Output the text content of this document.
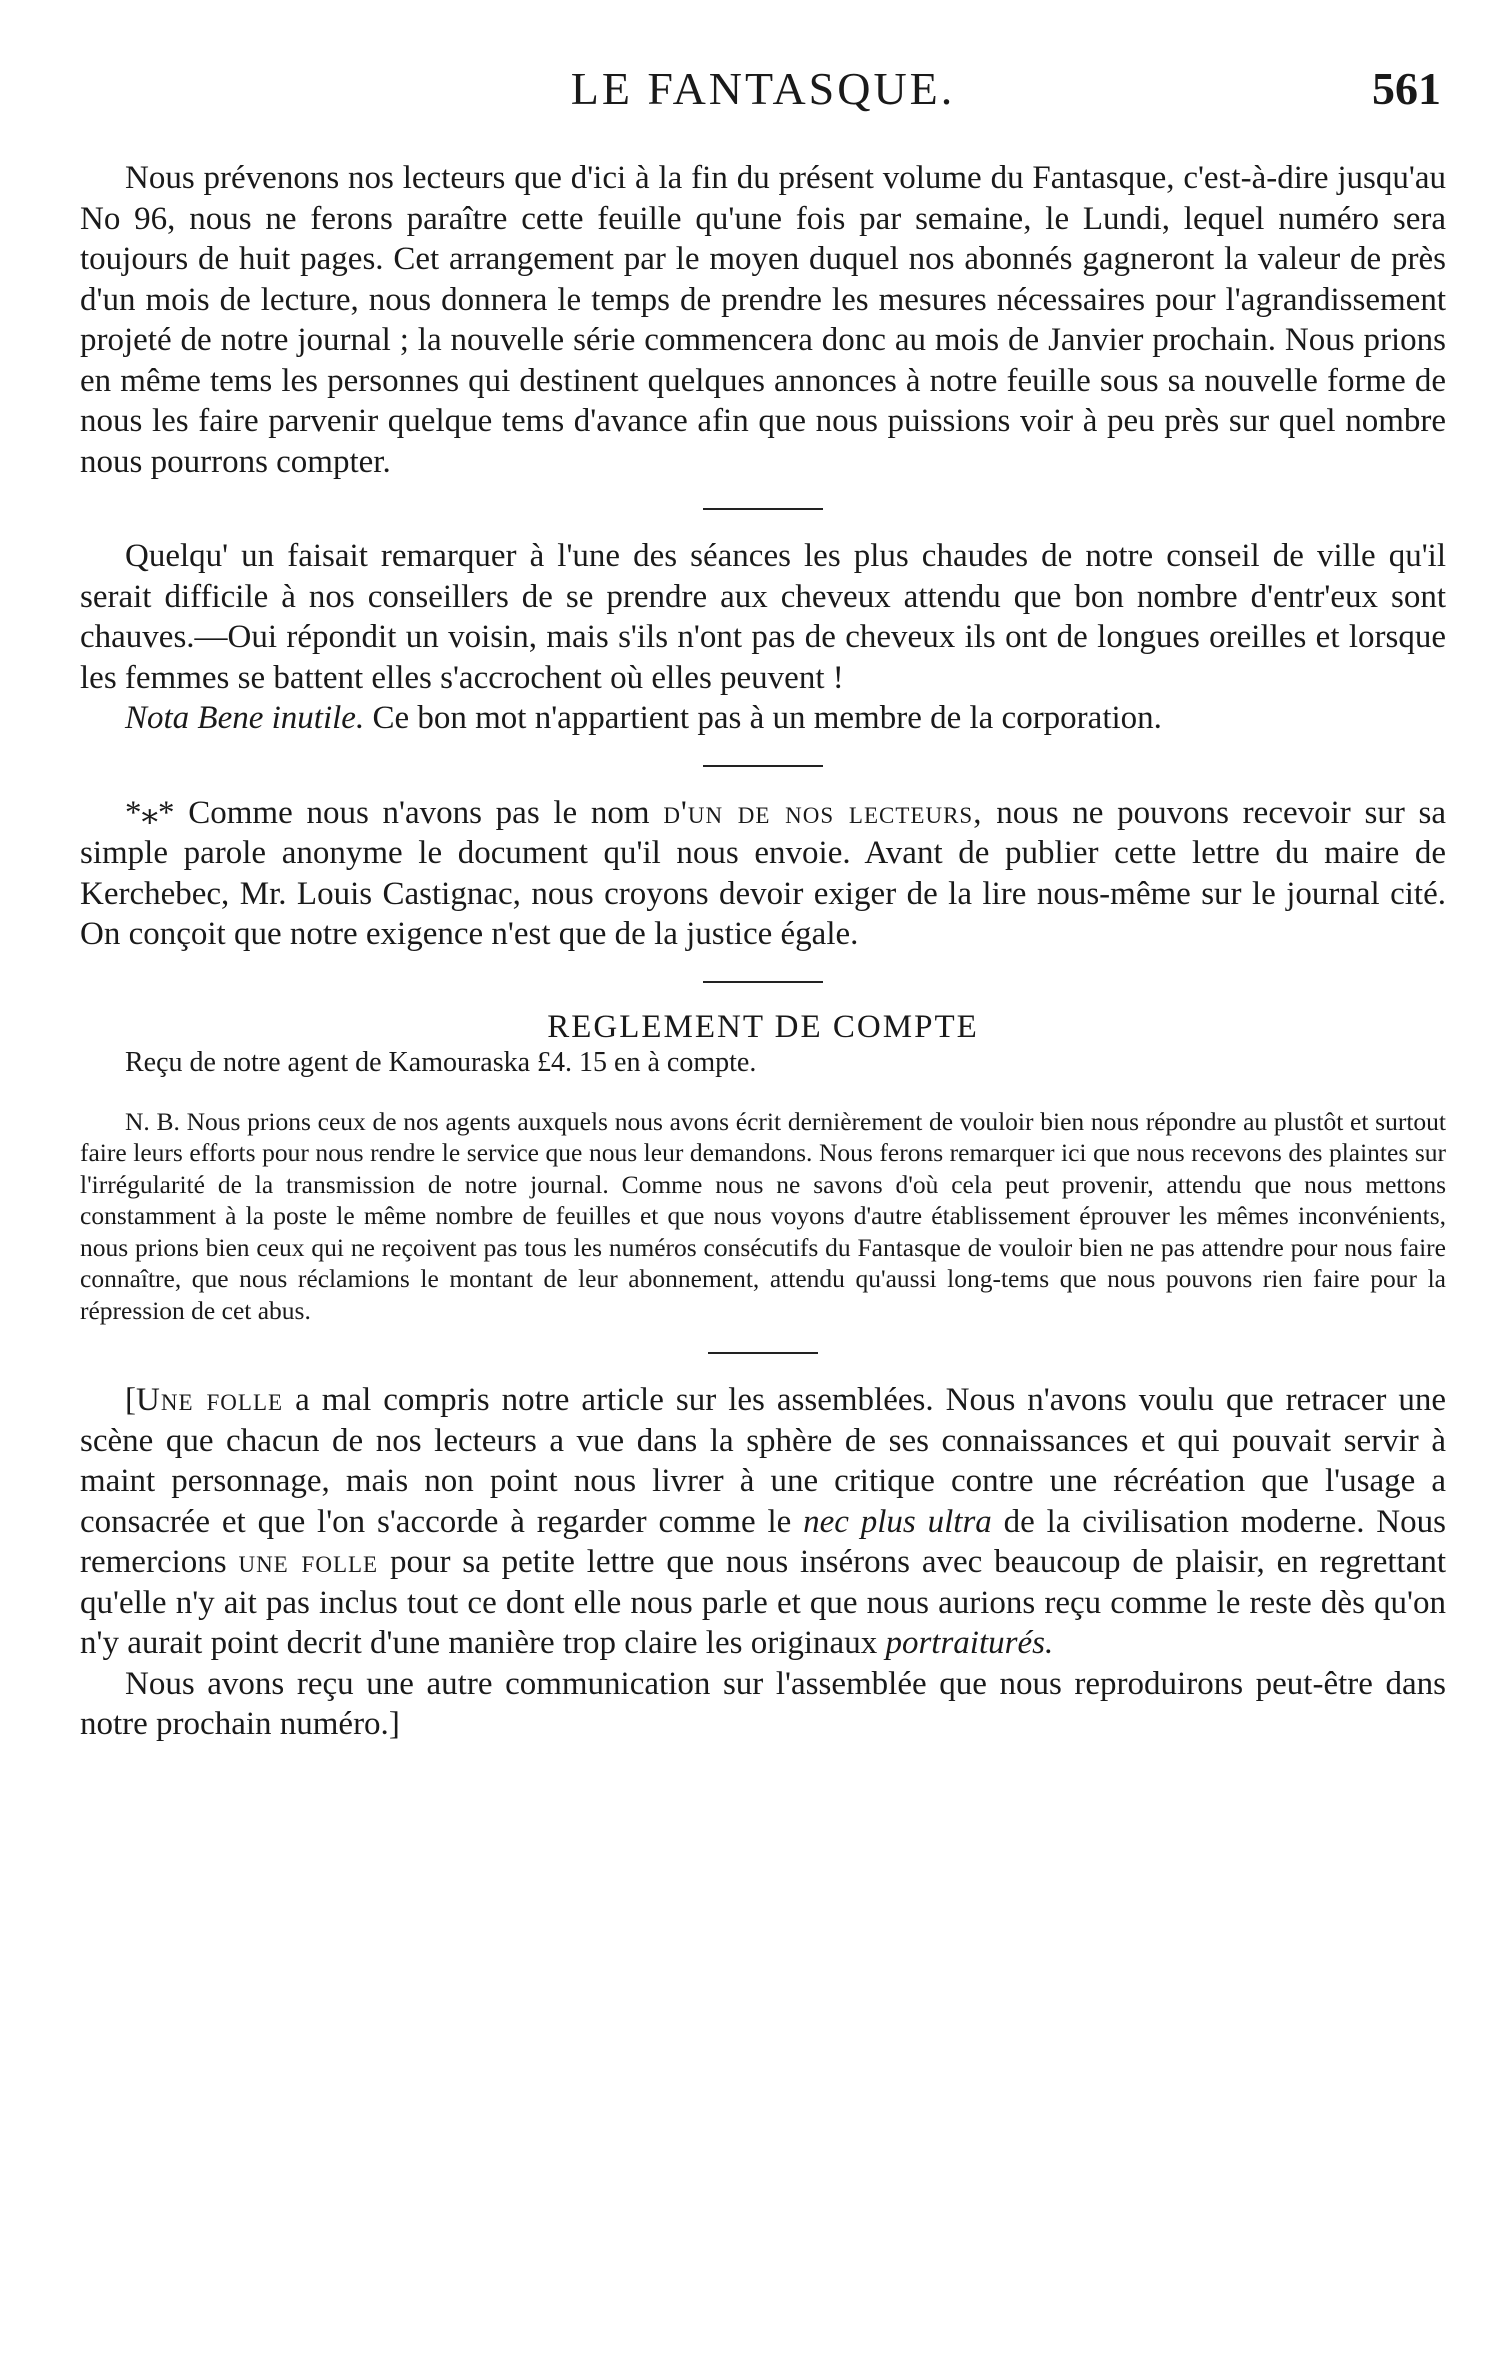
LE FANTASQUE.	561

Nous prévenons nos lecteurs que d'ici à la fin du présent volume du Fantasque, c'est-à-dire jusqu'au No 96, nous ne ferons paraître cette feuille qu'une fois par semaine, le Lundi, lequel numéro sera toujours de huit pages. Cet arrangement par le moyen duquel nos abonnés gagneront la valeur de près d'un mois de lecture, nous donnera le temps de prendre les mesures nécessaires pour l'agrandissement projeté de notre journal ; la nouvelle série commencera donc au mois de Janvier prochain. Nous prions en même tems les personnes qui destinent quelques annonces à notre feuille sous sa nouvelle forme de nous les faire parvenir quelque tems d'avance afin que nous puissions voir à peu près sur quel nombre nous pourrons compter.

Quelqu' un faisait remarquer à l'une des séances les plus chaudes de notre conseil de ville qu'il serait difficile à nos conseillers de se prendre aux cheveux attendu que bon nombre d'entr'eux sont chauves.—Oui répondit un voisin, mais s'ils n'ont pas de cheveux ils ont de longues oreilles et lorsque les femmes se battent elles s'accrochent où elles peuvent !

Nota Bene inutile. Ce bon mot n'appartient pas à un membre de la corporation.

*⁎* Comme nous n'avons pas le nom d'un de nos lecteurs, nous ne pouvons recevoir sur sa simple parole anonyme le document qu'il nous envoie. Avant de publier cette lettre du maire de Kerchebec, Mr. Louis Castignac, nous croyons devoir exiger de la lire nous-même sur le journal cité. On conçoit que notre exigence n'est que de la justice égale.

REGLEMENT DE COMPTE
Reçu de notre agent de Kamouraska £4. 15 en à compte.

N. B. Nous prions ceux de nos agents auxquels nous avons écrit dernièrement de vouloir bien nous répondre au plustôt et surtout faire leurs efforts pour nous rendre le service que nous leur demandons. Nous ferons remarquer ici que nous recevons des plaintes sur l'irrégularité de la transmission de notre journal. Comme nous ne savons d'où cela peut provenir, attendu que nous mettons constamment à la poste le même nombre de feuilles et que nous voyons d'autre établissement éprouver les mêmes inconvénients, nous prions bien ceux qui ne reçoivent pas tous les numéros consécutifs du Fantasque de vouloir bien ne pas attendre pour nous faire connaître, que nous réclamions le montant de leur abonnement, attendu qu'aussi long-tems que nous pouvons rien faire pour la répression de cet abus.

[Une folle a mal compris notre article sur les assemblées. Nous n'avons voulu que retracer une scène que chacun de nos lecteurs a vue dans la sphère de ses connaissances et qui pouvait servir à maint personnage, mais non point nous livrer à une critique contre une récréation que l'usage a consacrée et que l'on s'accorde à regarder comme le nec plus ultra de la civilisation moderne. Nous remercions une folle pour sa petite lettre que nous insérons avec beaucoup de plaisir, en regrettant qu'elle n'y ait pas inclus tout ce dont elle nous parle et que nous aurions reçu comme le reste dès qu'on n'y aurait point decrit d'une manière trop claire les originaux portraiturés.

Nous avons reçu une autre communication sur l'assemblée que nous reproduirons peut-être dans notre prochain numéro.]
